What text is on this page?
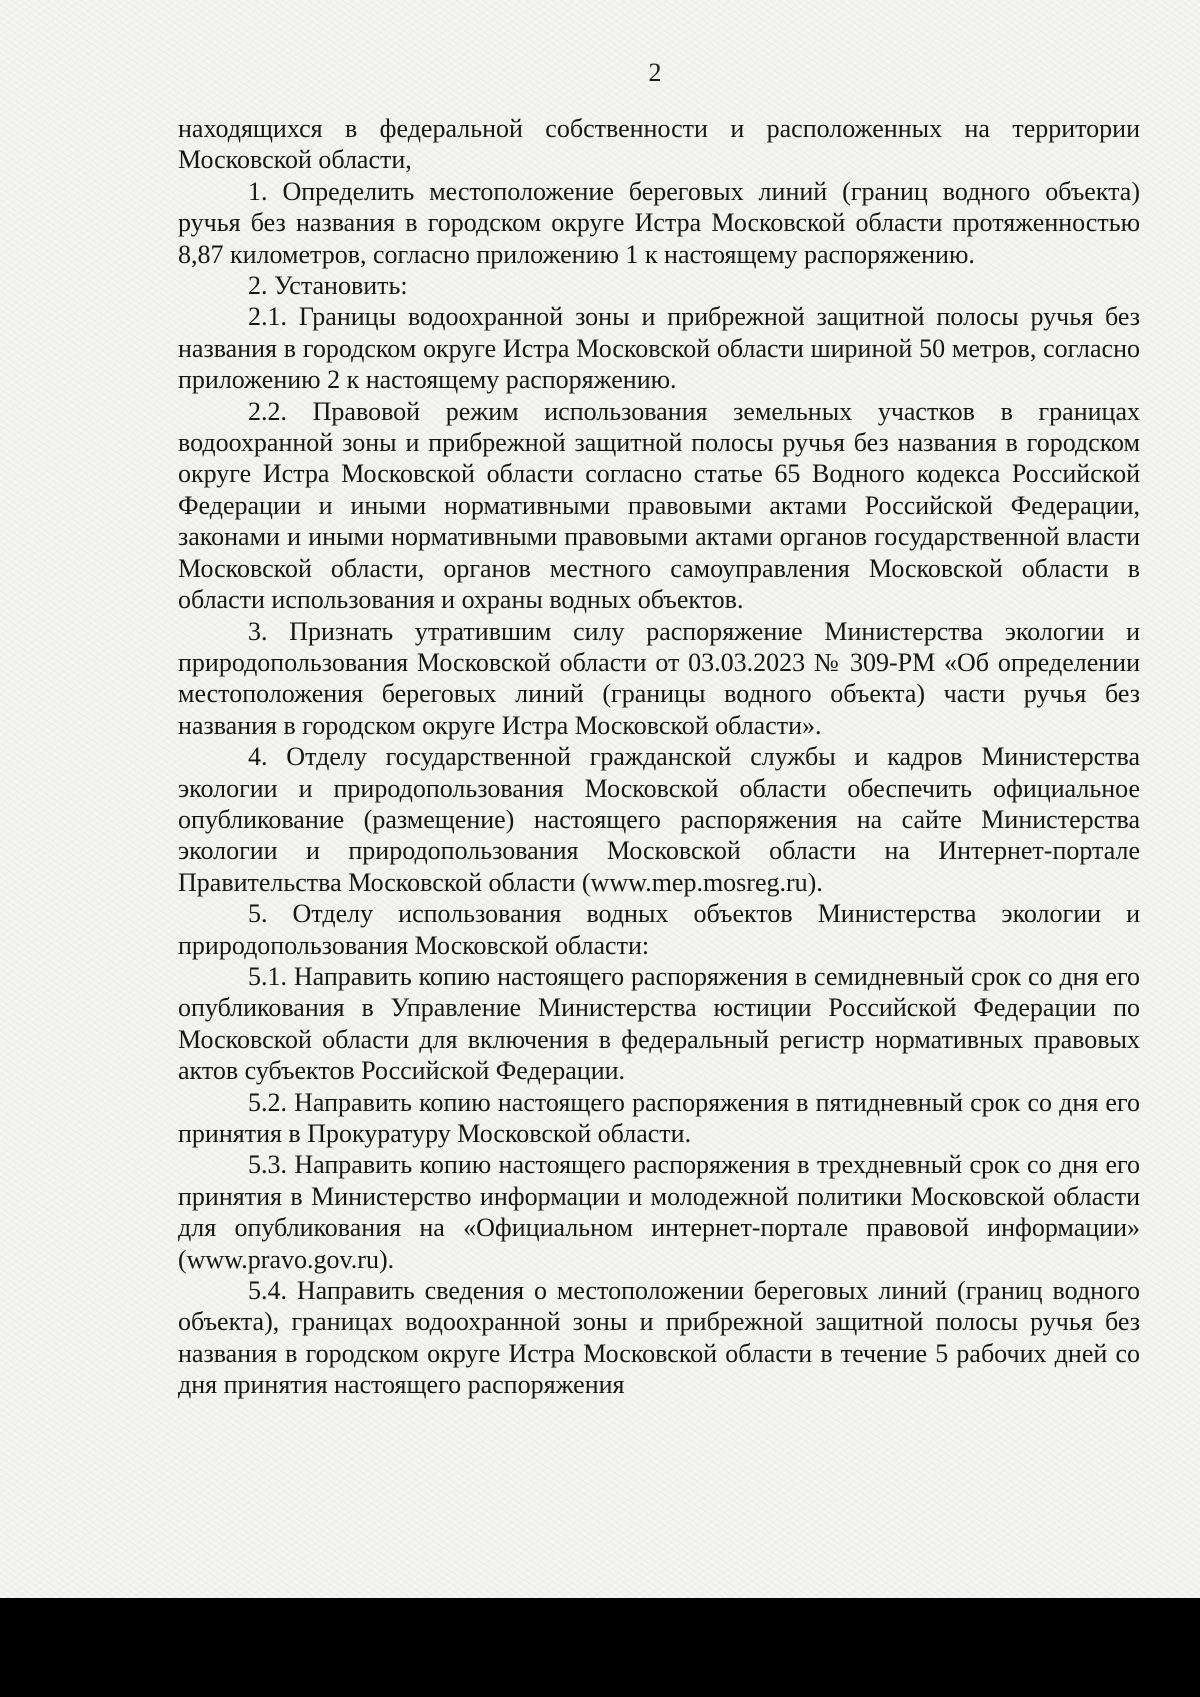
2

находящихся в федеральной собственности и расположенных на территории Московской области,

1. Определить местоположение береговых линий (границ водного объекта) ручья без названия в городском округе Истра Московской области протяженностью 8,87 километров, согласно приложению 1 к настоящему распоряжению.

2. Установить:

2.1. Границы водоохранной зоны и прибрежной защитной полосы ручья без названия в городском округе Истра Московской области шириной 50 метров, согласно приложению 2 к настоящему распоряжению.

2.2. Правовой режим использования земельных участков в границах водоохранной зоны и прибрежной защитной полосы ручья без названия в городском округе Истра Московской области согласно статье 65 Водного кодекса Российской Федерации и иными нормативными правовыми актами Российской Федерации, законами и иными нормативными правовыми актами органов государственной власти Московской области, органов местного самоуправления Московской области в области использования и охраны водных объектов.

3. Признать утратившим силу распоряжение Министерства экологии и природопользования Московской области от 03.03.2023 № 309-РМ «Об определении местоположения береговых линий (границы водного объекта) части ручья без названия в городском округе Истра Московской области».

4. Отделу государственной гражданской службы и кадров Министерства экологии и природопользования Московской области обеспечить официальное опубликование (размещение) настоящего распоряжения на сайте Министерства экологии и природопользования Московской области на Интернет-портале Правительства Московской области (www.mep.mosreg.ru).

5. Отделу использования водных объектов Министерства экологии и природопользования Московской области:

5.1. Направить копию настоящего распоряжения в семидневный срок со дня его опубликования в Управление Министерства юстиции Российской Федерации по Московской области для включения в федеральный регистр нормативных правовых актов субъектов Российской Федерации.

5.2. Направить копию настоящего распоряжения в пятидневный срок со дня его принятия в Прокуратуру Московской области.

5.3. Направить копию настоящего распоряжения в трехдневный срок со дня его принятия в Министерство информации и молодежной политики Московской области для опубликования на «Официальном интернет-портале правовой информации» (www.pravo.gov.ru).

5.4. Направить сведения о местоположении береговых линий (границ водного объекта), границах водоохранной зоны и прибрежной защитной полосы ручья без названия в городском округе Истра Московской области в течение 5 рабочих дней со дня принятия настоящего распоряжения
